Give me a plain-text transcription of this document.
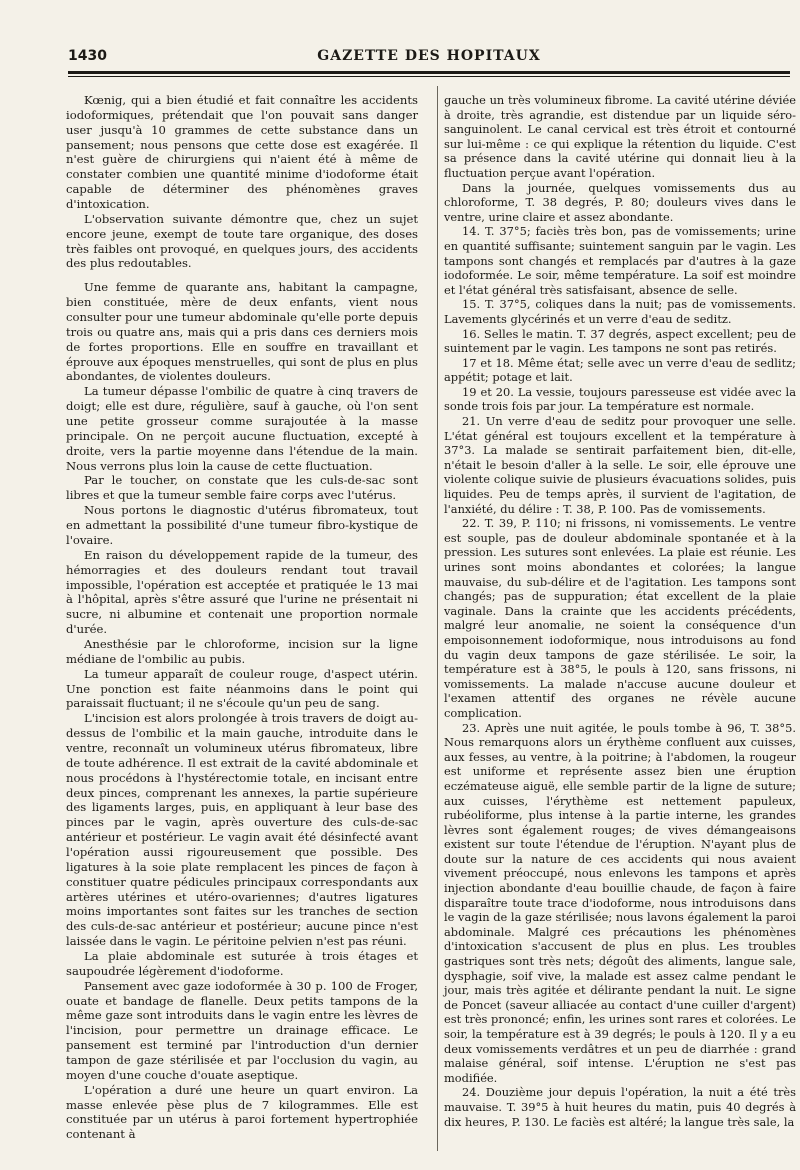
1430	GAZETTE DES HOPITAUX

Kœnig, qui a bien étudié et fait connaître les accidents iodoformiques, prétendait que l'on pouvait sans danger user jusqu'à 10 grammes de cette substance dans un pansement; nous pensons que cette dose est exagérée. Il n'est guère de chirurgiens qui n'aient été à même de constater combien une quantité minime d'iodoforme était capable de déterminer des phénomènes graves d'intoxication.

L'observation suivante démontre que, chez un sujet encore jeune, exempt de toute tare organique, des doses très faibles ont provoqué, en quelques jours, des accidents des plus redoutables.

Une femme de quarante ans, habitant la campagne, bien constituée, mère de deux enfants, vient nous consulter pour une tumeur abdominale qu'elle porte depuis trois ou quatre ans, mais qui a pris dans ces derniers mois de fortes proportions. Elle en souffre en travaillant et éprouve aux époques menstruelles, qui sont de plus en plus abondantes, de violentes douleurs.

La tumeur dépasse l'ombilic de quatre à cinq travers de doigt; elle est dure, régulière, sauf à gauche, où l'on sent une petite grosseur comme surajoutée à la masse principale. On ne perçoit aucune fluctuation, excepté à droite, vers la partie moyenne dans l'étendue de la main. Nous verrons plus loin la cause de cette fluctuation.

Par le toucher, on constate que les culs-de-sac sont libres et que la tumeur semble faire corps avec l'utérus.

Nous portons le diagnostic d'utérus fibromateux, tout en admettant la possibilité d'une tumeur fibro-kystique de l'ovaire.

En raison du développement rapide de la tumeur, des hémorragies et des douleurs rendant tout travail impossible, l'opération est acceptée et pratiquée le 13 mai à l'hôpital, après s'être assuré que l'urine ne présentait ni sucre, ni albumine et contenait une proportion normale d'urée.

Anesthésie par le chloroforme, incision sur la ligne médiane de l'ombilic au pubis.

La tumeur apparaît de couleur rouge, d'aspect utérin. Une ponction est faite néanmoins dans le point qui paraissait fluctuant; il ne s'écoule qu'un peu de sang.

L'incision est alors prolongée à trois travers de doigt au-dessus de l'ombilic et la main gauche, introduite dans le ventre, reconnaît un volumineux utérus fibromateux, libre de toute adhérence. Il est extrait de la cavité abdominale et nous procédons à l'hystérectomie totale, en incisant entre deux pinces, comprenant les annexes, la partie supérieure des ligaments larges, puis, en appliquant à leur base des pinces par le vagin, après ouverture des culs-de-sac antérieur et postérieur. Le vagin avait été désinfecté avant l'opération aussi rigoureusement que possible. Des ligatures à la soie plate remplacent les pinces de façon à constituer quatre pédicules principaux correspondants aux artères utérines et utéro-ovariennes; d'autres ligatures moins importantes sont faites sur les tranches de section des culs-de-sac antérieur et postérieur; aucune pince n'est laissée dans le vagin. Le péritoine pelvien n'est pas réuni.

La plaie abdominale est suturée à trois étages et saupoudrée légèrement d'iodoforme.

Pansement avec gaze iodoformée à 30 p. 100 de Froger, ouate et bandage de flanelle. Deux petits tampons de la même gaze sont introduits dans le vagin entre les lèvres de l'incision, pour permettre un drainage efficace. Le pansement est terminé par l'introduction d'un dernier tampon de gaze stérilisée et par l'occlusion du vagin, au moyen d'une couche d'ouate aseptique.

L'opération a duré une heure un quart environ. La masse enlevée pèse plus de 7 kilogrammes. Elle est constituée par un utérus à paroi fortement hypertrophiée contenant à

gauche un très volumineux fibrome. La cavité utérine déviée à droite, très agrandie, est distendue par un liquide séro-sanguinolent. Le canal cervical est très étroit et contourné sur lui-même : ce qui explique la rétention du liquide. C'est sa présence dans la cavité utérine qui donnait lieu à la fluctuation perçue avant l'opération.

Dans la journée, quelques vomissements dus au chloroforme, T. 38 degrés, P. 80; douleurs vives dans le ventre, urine claire et assez abondante.

14. T. 37°5; faciès très bon, pas de vomissements; urine en quantité suffisante; suintement sanguin par le vagin. Les tampons sont changés et remplacés par d'autres à la gaze iodoformée. Le soir, même température. La soif est moindre et l'état général très satisfaisant, absence de selle.

15. T. 37°5, coliques dans la nuit; pas de vomissements. Lavements glycérinés et un verre d'eau de seditz.

16. Selles le matin. T. 37 degrés, aspect excellent; peu de suintement par le vagin. Les tampons ne sont pas retirés.

17 et 18. Même état; selle avec un verre d'eau de sedlitz; appétit; potage et lait.

19 et 20. La vessie, toujours paresseuse est vidée avec la sonde trois fois par jour. La température est normale.

21. Un verre d'eau de seditz pour provoquer une selle. L'état général est toujours excellent et la température à 37°3. La malade se sentirait parfaitement bien, dit-elle, n'était le besoin d'aller à la selle. Le soir, elle éprouve une violente colique suivie de plusieurs évacuations solides, puis liquides. Peu de temps après, il survient de l'agitation, de l'anxiété, du délire : T. 38, P. 100. Pas de vomissements.

22. T. 39, P. 110; ni frissons, ni vomissements. Le ventre est souple, pas de douleur abdominale spontanée et à la pression. Les sutures sont enlevées. La plaie est réunie. Les urines sont moins abondantes et colorées; la langue mauvaise, du sub-délire et de l'agitation. Les tampons sont changés; pas de suppuration; état excellent de la plaie vaginale. Dans la crainte que les accidents précédents, malgré leur anomalie, ne soient la conséquence d'un empoisonnement iodoformique, nous introduisons au fond du vagin deux tampons de gaze stérilisée. Le soir, la température est à 38°5, le pouls à 120, sans frissons, ni vomissements. La malade n'accuse aucune douleur et l'examen attentif des organes ne révèle aucune complication.

23. Après une nuit agitée, le pouls tombe à 96, T. 38°5. Nous remarquons alors un érythème confluent aux cuisses, aux fesses, au ventre, à la poitrine; à l'abdomen, la rougeur est uniforme et représente assez bien une éruption eczémateuse aiguë, elle semble partir de la ligne de suture; aux cuisses, l'érythème est nettement papuleux, rubéoliforme, plus intense à la partie interne, les grandes lèvres sont également rouges; de vives démangeaisons existent sur toute l'étendue de l'éruption. N'ayant plus de doute sur la nature de ces accidents qui nous avaient vivement préoccupé, nous enlevons les tampons et après injection abondante d'eau bouillie chaude, de façon à faire disparaître toute trace d'iodoforme, nous introduisons dans le vagin de la gaze stérilisée; nous lavons également la paroi abdominale. Malgré ces précautions les phénomènes d'intoxication s'accusent de plus en plus. Les troubles gastriques sont très nets; dégoût des aliments, langue sale, dysphagie, soif vive, la malade est assez calme pendant le jour, mais très agitée et délirante pendant la nuit. Le signe de Poncet (saveur alliacée au contact d'une cuiller d'argent) est très prononcé; enfin, les urines sont rares et colorées. Le soir, la température est à 39 degrés; le pouls à 120. Il y a eu deux vomissements verdâtres et un peu de diarrhée : grand malaise général, soif intense. L'éruption ne s'est pas modifiée.

24. Douzième jour depuis l'opération, la nuit a été très mauvaise. T. 39°5 à huit heures du matin, puis 40 degrés à dix heures, P. 130. Le faciès est altéré; la langue très sale, la
